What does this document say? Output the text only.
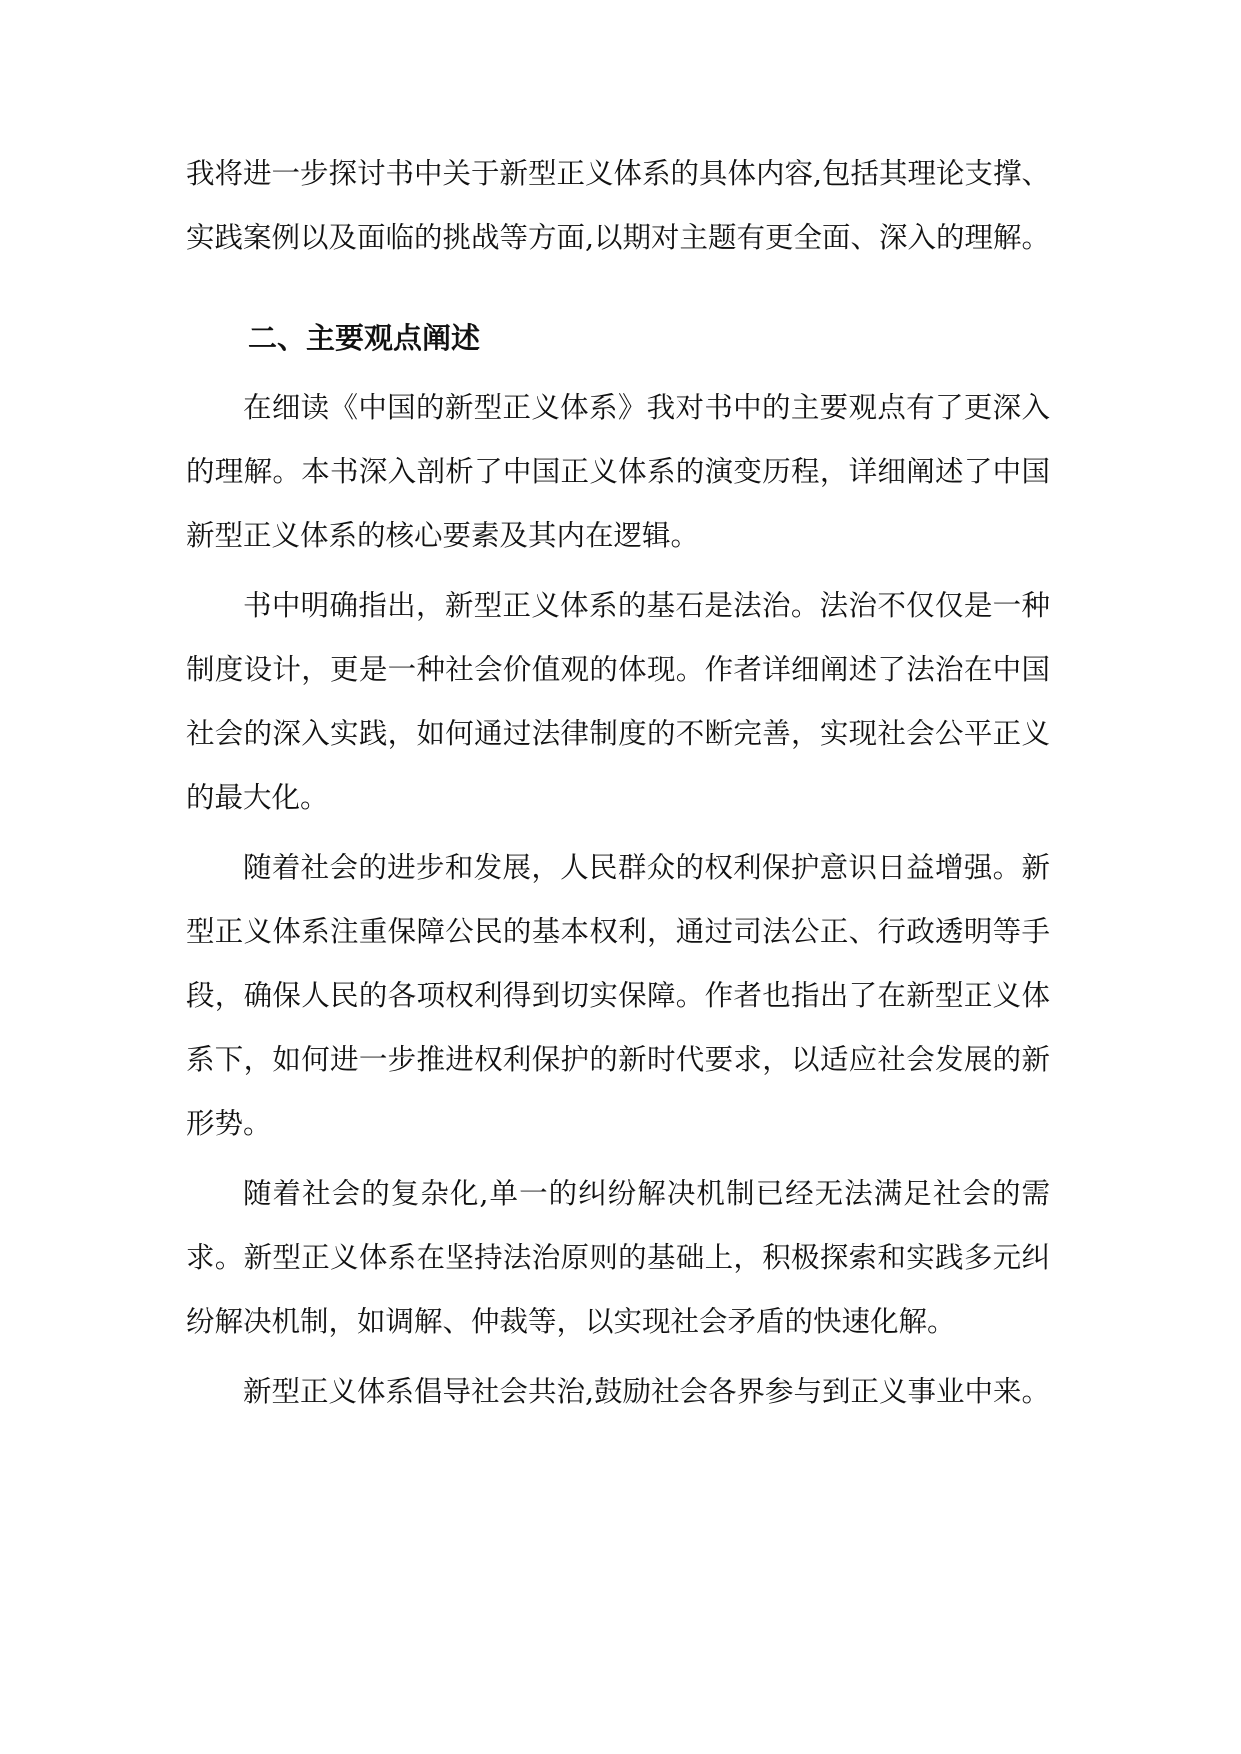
我将进一步探讨书中关于新型正义体系的具体内容,包括其理论支撑、
实践案例以及面临的挑战等方面,以期对主题有更全面、深入的理解。
二、主要观点阐述
在细读《中国的新型正义体系》我对书中的主要观点有了更深入
的理解。本书深入剖析了中国正义体系的演变历程，详细阐述了中国
新型正义体系的核心要素及其内在逻辑。
书中明确指出，新型正义体系的基石是法治。法治不仅仅是一种
制度设计，更是一种社会价值观的体现。作者详细阐述了法治在中国
社会的深入实践，如何通过法律制度的不断完善，实现社会公平正义
的最大化。
随着社会的进步和发展，人民群众的权利保护意识日益增强。新
型正义体系注重保障公民的基本权利，通过司法公正、行政透明等手
段，确保人民的各项权利得到切实保障。作者也指出了在新型正义体
系下，如何进一步推进权利保护的新时代要求，以适应社会发展的新
形势。
随着社会的复杂化,单一的纠纷解决机制已经无法满足社会的需
求。新型正义体系在坚持法治原则的基础上，积极探索和实践多元纠
纷解决机制，如调解、仲裁等，以实现社会矛盾的快速化解。
新型正义体系倡导社会共治,鼓励社会各界参与到正义事业中来。
